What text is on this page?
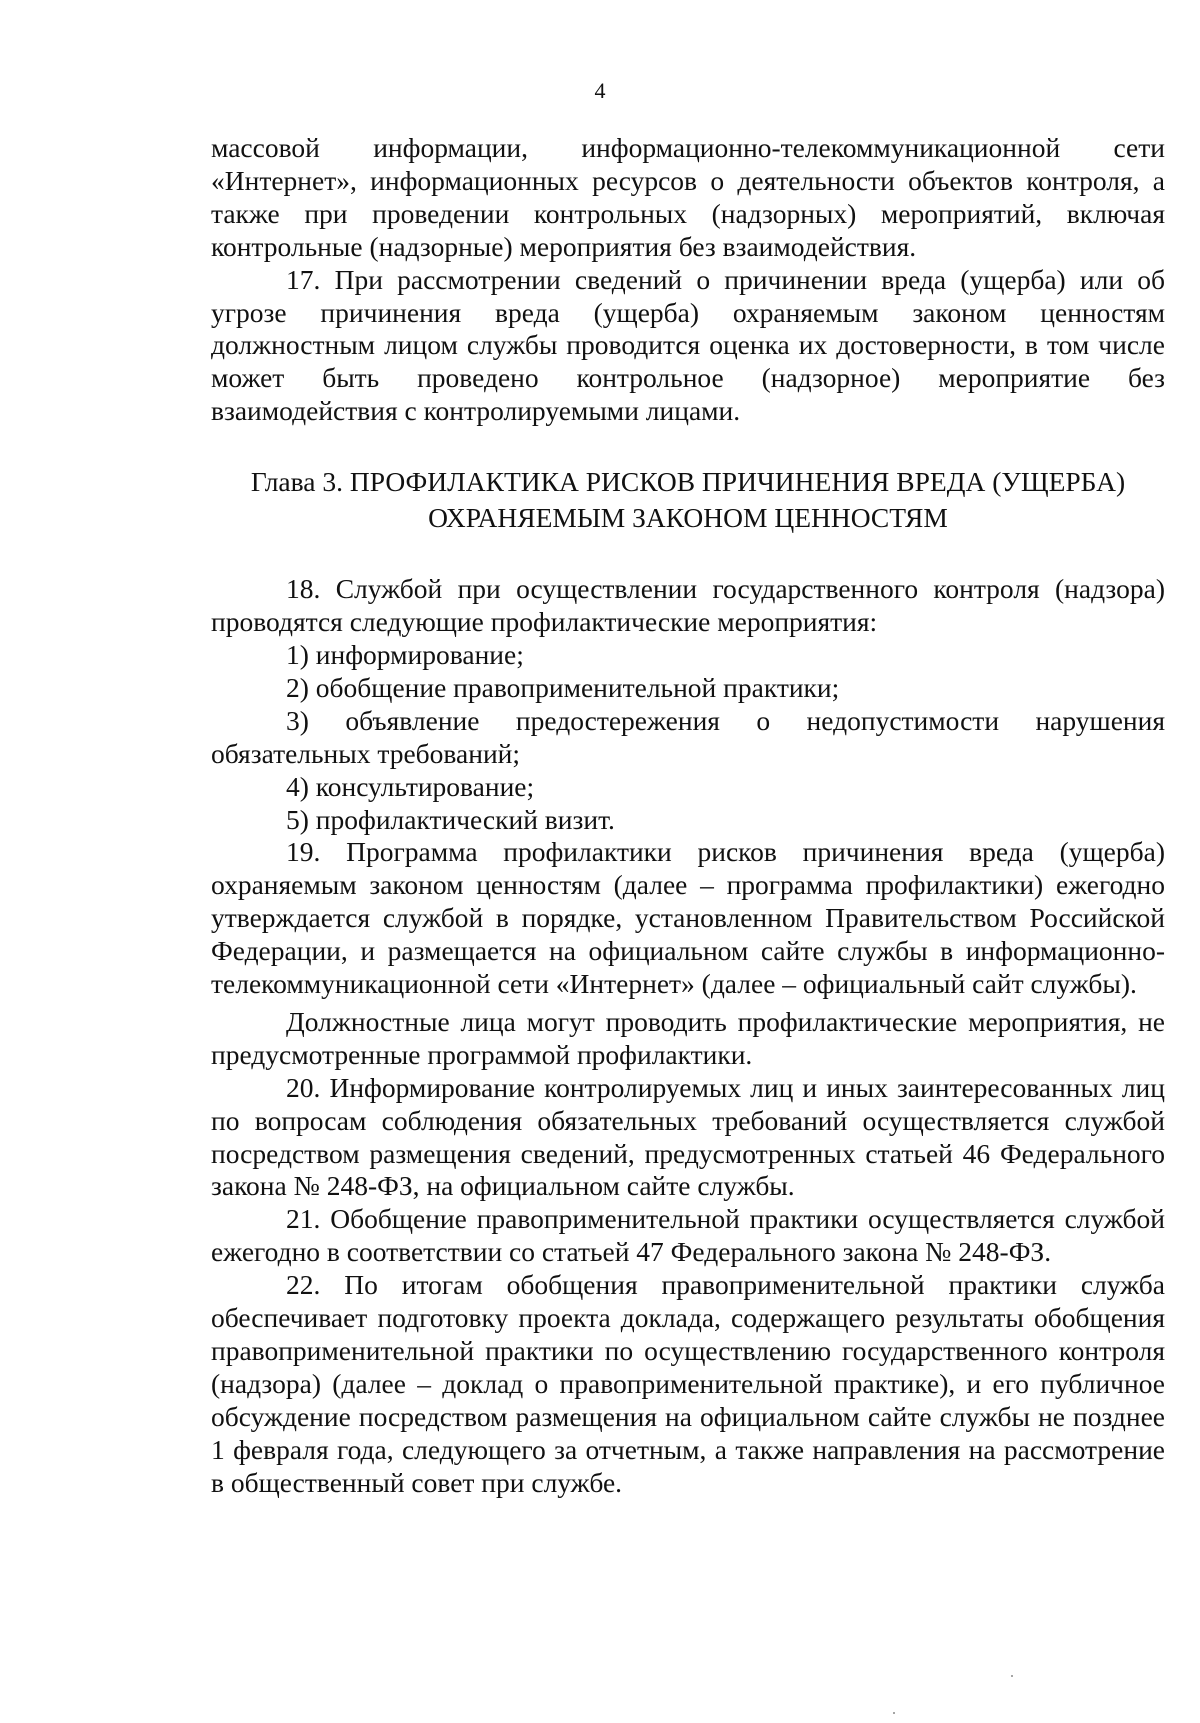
4

массовой информации, информационно-телекоммуникационной сети «Интернет», информационных ресурсов о деятельности объектов контроля, а также при проведении контрольных (надзорных) мероприятий, включая контрольные (надзорные) мероприятия без взаимодействия.

17. При рассмотрении сведений о причинении вреда (ущерба) или об угрозе причинения вреда (ущерба) охраняемым законом ценностям должностным лицом службы проводится оценка их достоверности, в том числе может быть проведено контрольное (надзорное) мероприятие без взаимодействия с контролируемыми лицами.

Глава 3. ПРОФИЛАКТИКА РИСКОВ ПРИЧИНЕНИЯ ВРЕДА (УЩЕРБА)
ОХРАНЯЕМЫМ ЗАКОНОМ ЦЕННОСТЯМ

18. Службой при осуществлении государственного контроля (надзора) проводятся следующие профилактические мероприятия:

1) информирование;

2) обобщение правоприменительной практики;

3) объявление предостережения о недопустимости нарушения обязательных требований;

4) консультирование;

5) профилактический визит.

19. Программа профилактики рисков причинения вреда (ущерба) охраняемым законом ценностям (далее – программа профилактики) ежегодно утверждается службой в порядке, установленном Правительством Российской Федерации, и размещается на официальном сайте службы в информационно-телекоммуникационной сети «Интернет» (далее – официальный сайт службы).

Должностные лица могут проводить профилактические мероприятия, не предусмотренные программой профилактики.

20. Информирование контролируемых лиц и иных заинтересованных лиц по вопросам соблюдения обязательных требований осуществляется службой посредством размещения сведений, предусмотренных статьей 46 Федерального закона № 248-ФЗ, на официальном сайте службы.

21. Обобщение правоприменительной практики осуществляется службой ежегодно в соответствии со статьей 47 Федерального закона № 248-ФЗ.

22. По итогам обобщения правоприменительной практики служба обеспечивает подготовку проекта доклада, содержащего результаты обобщения правоприменительной практики по осуществлению государственного контроля (надзора) (далее – доклад о правоприменительной практике), и его публичное обсуждение посредством размещения на официальном сайте службы не позднее 1 февраля года, следующего за отчетным, а также направления на рассмотрение в общественный совет при службе.
